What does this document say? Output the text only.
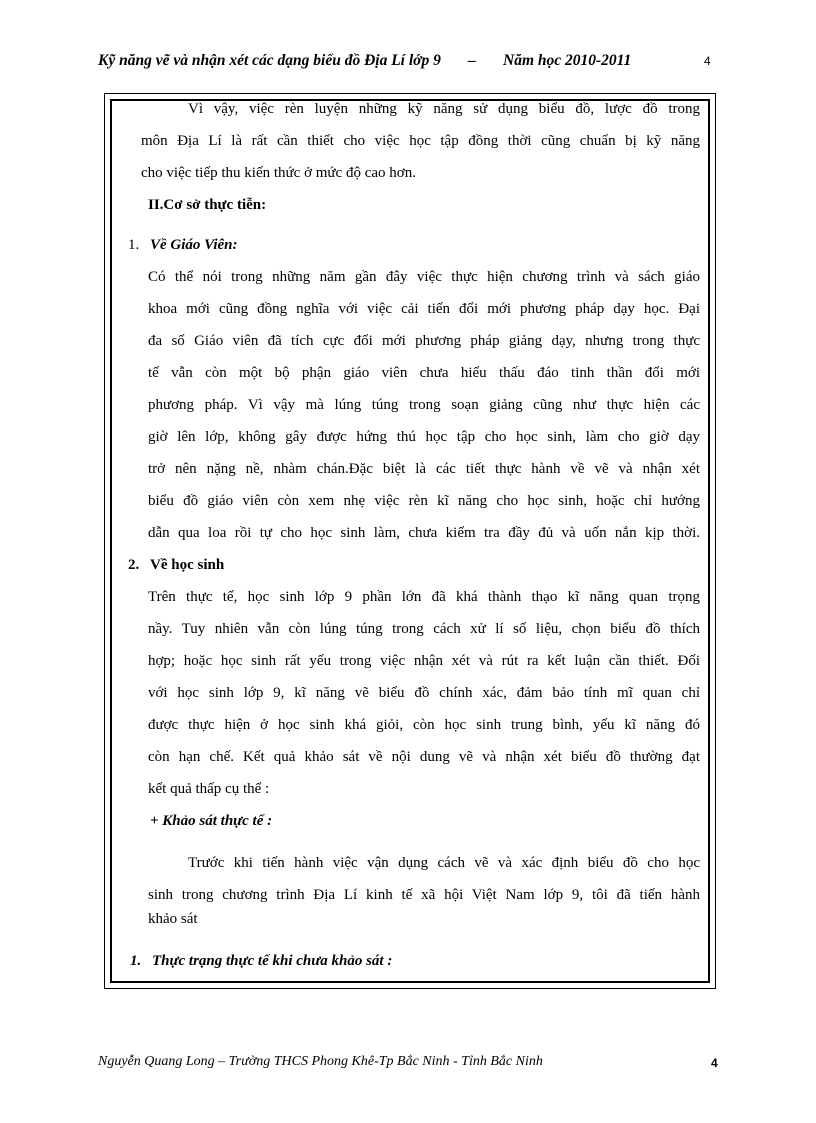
Kỹ năng vẽ và nhận xét các dạng biểu đồ Địa Lí lớp 9 – Năm học 2010-2011	4
Vì vậy, việc rèn luyện những kỹ năng sử dụng biểu đồ, lược đồ trong
môn Địa Lí là rất cần thiết cho việc học tập đồng thời cũng chuẩn bị kỹ năng
cho việc tiếp thu kiến thức ở mức độ cao hơn.
II.Cơ sở thực tiễn:
1. Về Giáo Viên:
Có thể nói trong những năm gần đây việc thực hiện chương trình và sách giáo
khoa mới cũng đồng nghĩa với việc cải tiến đổi mới phương pháp dạy học. Đại
đa số Giáo viên đã tích cực đổi mới phương pháp giảng dạy, nhưng trong thực
tế vẫn còn một bộ phận giáo viên chưa hiểu thấu đáo tinh thần đổi mới
phương pháp. Vì vậy mà lúng túng trong soạn giảng cũng như thực hiện các
giờ lên lớp, không gây được hứng thú học tập cho học sinh, làm cho giờ dạy
trở nên nặng nề, nhàm chán.Đặc biệt là các tiết thực hành về vẽ và nhận xét
biểu đồ giáo viên còn xem nhẹ việc rèn kĩ năng cho học sinh, hoặc chỉ hướng
dẫn qua loa rồi tự cho học sinh làm, chưa kiểm tra đầy đủ và uốn nắn kịp thời.
2. Về học sinh
Trên thực tế, học sinh lớp 9 phần lớn đã khá thành thạo kĩ năng quan trọng
nầy. Tuy nhiên vẫn còn lúng túng trong cách xử lí số liệu, chọn biểu đồ thích
hợp; hoặc học sinh rất yếu trong việc nhận xét và rút ra kết luận cần thiết. Đối
với học sinh lớp 9, kĩ năng vẽ biểu đồ chính xác, đảm bảo tính mĩ quan chỉ
được thực hiện ở học sinh khá giỏi, còn học sinh trung bình, yếu kĩ năng đó
còn hạn chế. Kết quả khảo sát về nội dung vẽ và nhận xét biểu đồ thường đạt
kết quả thấp cụ thể :
+ Khảo sát thực tế :
Trước khi tiến hành việc vận dụng cách vẽ và xác định biểu đồ cho học
sinh trong chương trình Địa Lí kinh tế xã hội Việt Nam lớp 9, tôi đã tiến hành
khảo sát
1. Thực trạng thực tế khi chưa khảo sát :
Nguyễn Quang Long – Trường THCS Phong Khê-Tp Bắc Ninh - Tỉnh Bắc Ninh	4
